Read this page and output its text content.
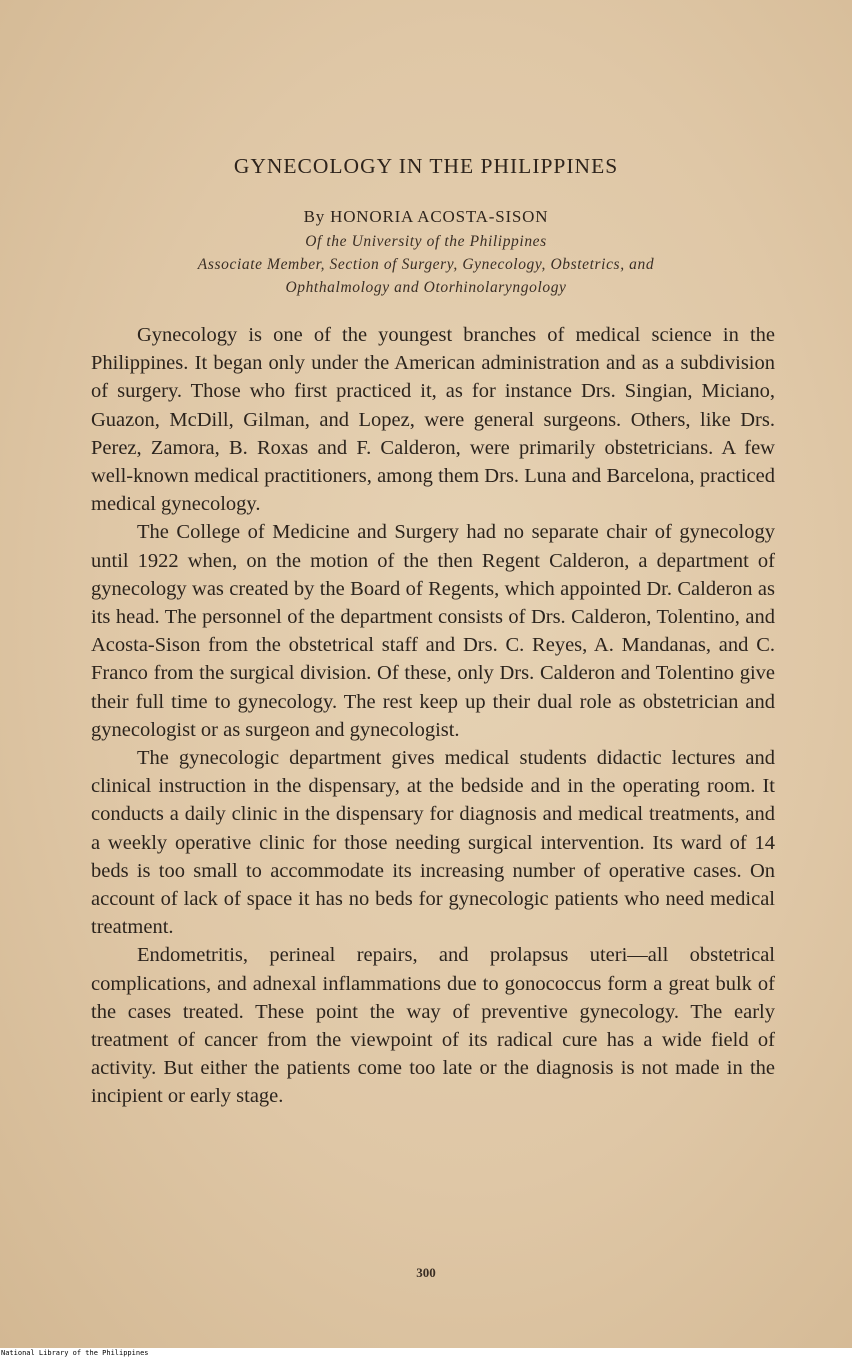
GYNECOLOGY IN THE PHILIPPINES

By HONORIA ACOSTA-SISON

Of the University of the Philippines

Associate Member, Section of Surgery, Gynecology, Obstetrics, and

Ophthalmology and Otorhinolaryngology

Gynecology is one of the youngest branches of medical science in the Philippines. It began only under the American administration and as a subdivision of surgery. Those who first practiced it, as for instance Drs. Singian, Miciano, Guazon, McDill, Gilman, and Lopez, were general surgeons. Others, like Drs. Perez, Zamora, B. Roxas and F. Calderon, were primarily obstetricians. A few well-known medical practitioners, among them Drs. Luna and Barcelona, practiced medical gynecology.

The College of Medicine and Surgery had no separate chair of gynecology until 1922 when, on the motion of the then Regent Calderon, a department of gynecology was created by the Board of Regents, which appointed Dr. Calderon as its head. The personnel of the department consists of Drs. Calderon, Tolentino, and Acosta-Sison from the obstetrical staff and Drs. C. Reyes, A. Mandanas, and C. Franco from the surgical division. Of these, only Drs. Calderon and Tolentino give their full time to gynecology. The rest keep up their dual role as obstetrician and gynecologist or as surgeon and gynecologist.

The gynecologic department gives medical students didactic lectures and clinical instruction in the dispensary, at the bedside and in the operating room. It conducts a daily clinic in the dispensary for diagnosis and medical treatments, and a weekly operative clinic for those needing surgical intervention. Its ward of 14 beds is too small to accommodate its increasing number of operative cases. On account of lack of space it has no beds for gynecologic patients who need medical treatment.

Endometritis, perineal repairs, and prolapsus uteri—all obstetrical complications, and adnexal inflammations due to gonococcus form a great bulk of the cases treated. These point the way of preventive gynecology. The early treatment of cancer from the viewpoint of its radical cure has a wide field of activity. But either the patients come too late or the diagnosis is not made in the incipient or early stage.

300

National Library of the Philippines
